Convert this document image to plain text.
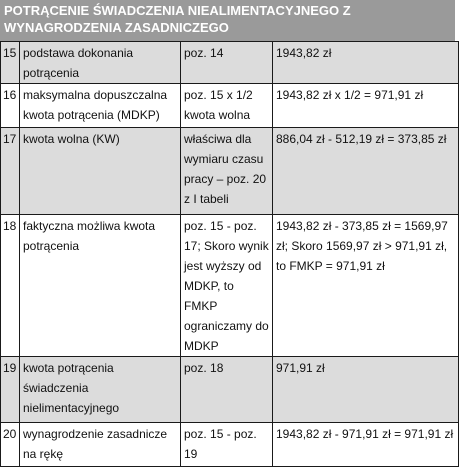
POTRĄCENIE ŚWIADCZENIA NIEALIMENTACYJNEGO Z WYNAGRODZENIA ZASADNICZEGO
15	podstawa dokonania potrącenia	poz. 14	1943,82 zł
16	maksymalna dopuszczalna kwota potrącenia (MDKP)	poz. 15 x 1/2 kwota wolna	1943,82 zł x 1/2 = 971,91 zł
17	kwota wolna (KW)	właściwa dla wymiaru czasu pracy – poz. 20 z I tabeli	886,04 zł - 512,19 zł = 373,85 zł
18	faktyczna możliwa kwota potrącenia	poz. 15 - poz. 17; Skoro wynik jest wyższy od MDKP, to FMKP ograniczamy do MDKP	1943,82 zł - 373,85 zł = 1569,97 zł; Skoro 1569,97 zł > 971,91 zł, to FMKP = 971,91 zł
19	kwota potrącenia świadczenia nielimentacyjnego	poz. 18	971,91 zł
20	wynagrodzenie zasadnicze na rękę	poz. 15 - poz. 19	1943,82 zł - 971,91 zł = 971,91 zł
